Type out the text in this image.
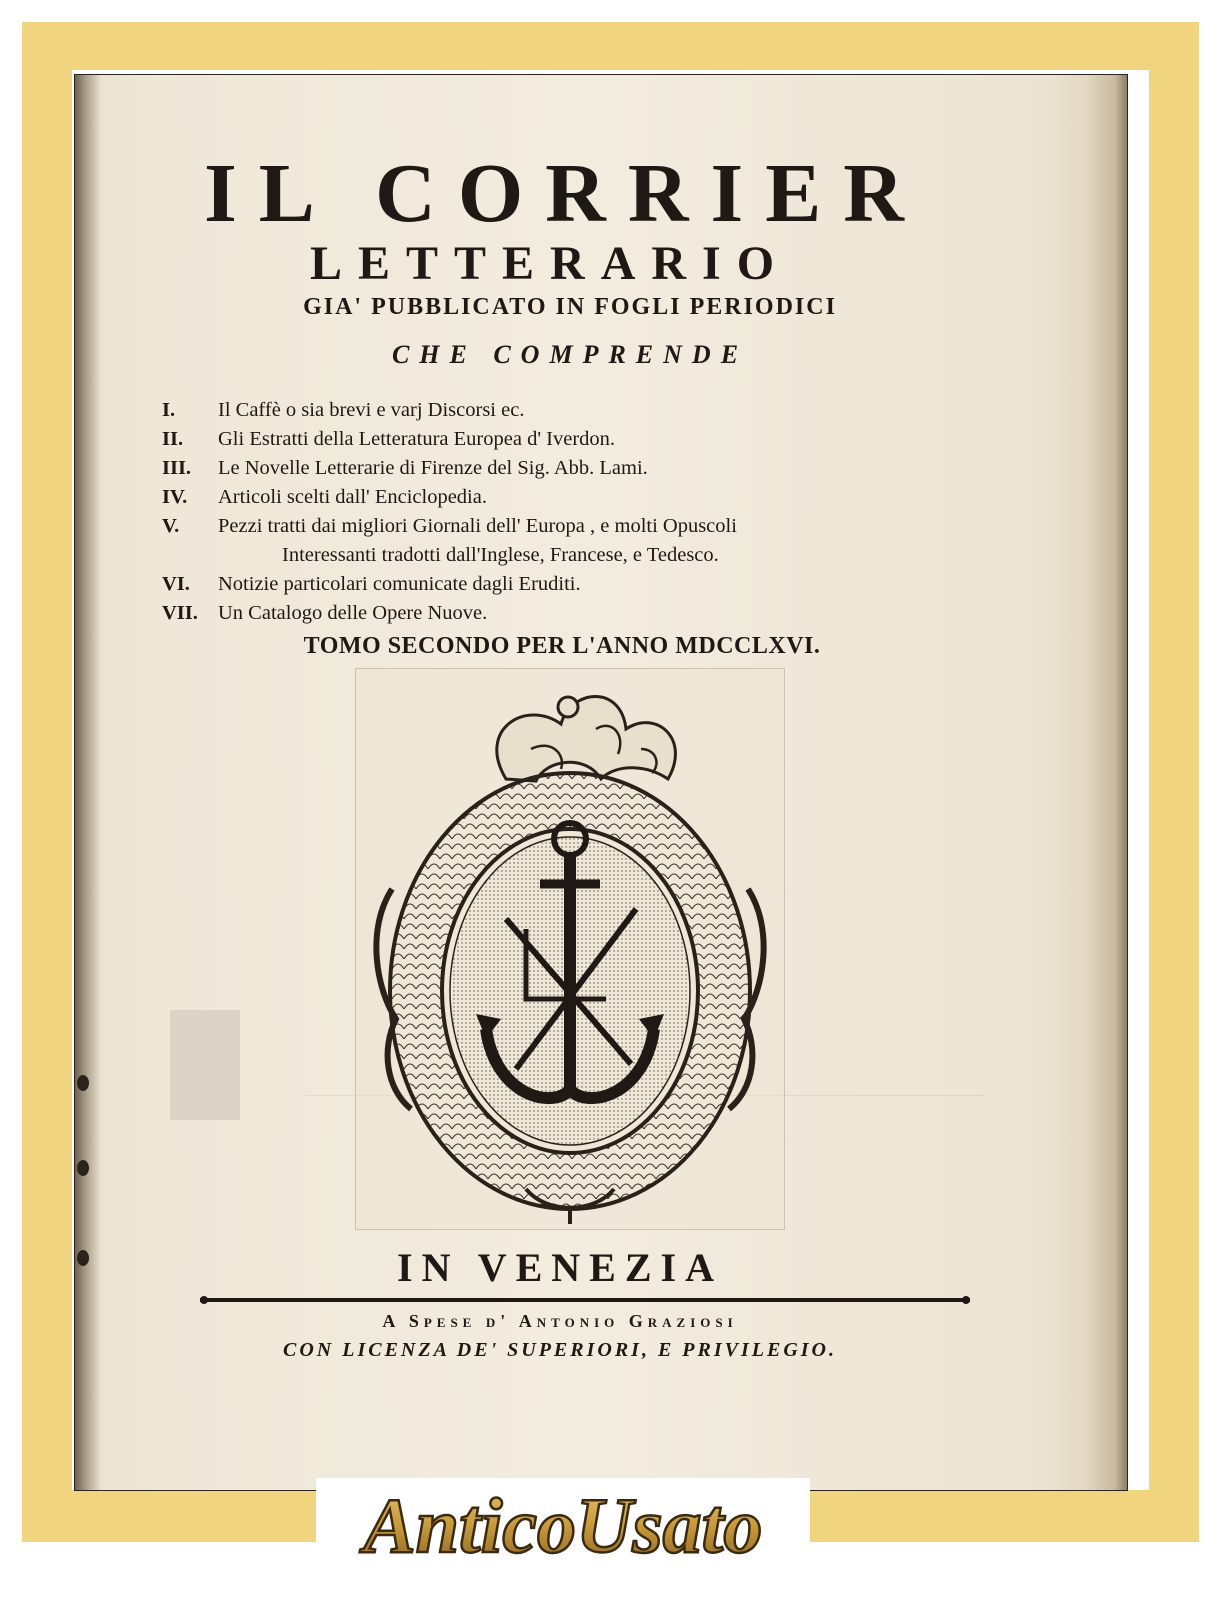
IL CORRIER
LETTERARIO
GIA' PUBBLICATO IN FOGLI PERIODICI
CHE COMPRENDE
I.	Il Caffè o sia brevi e varj Discorsi ec.
II.	Gli Estratti della Letteratura Europea d' Iverdon.
III.	Le Novelle Letterarie di Firenze del Sig. Abb. Lami.
IV.	Articoli scelti dall' Enciclopedia.
V.	Pezzi tratti dai migliori Giornali dell' Europa , e molti Opuscoli
Interessanti tradotti dall'Inglese, Francese, e Tedesco.
VI.	Notizie particolari comunicate dagli Eruditi.
VII. Un Catalogo delle Opere Nuove.
TOMO SECONDO PER L'ANNO MDCCLXVI.
IN VENEZIA
A Spese d' Antonio Graziosi
CON LICENZA DE' SUPERIORI, E PRIVILEGIO.
AnticoUsato
